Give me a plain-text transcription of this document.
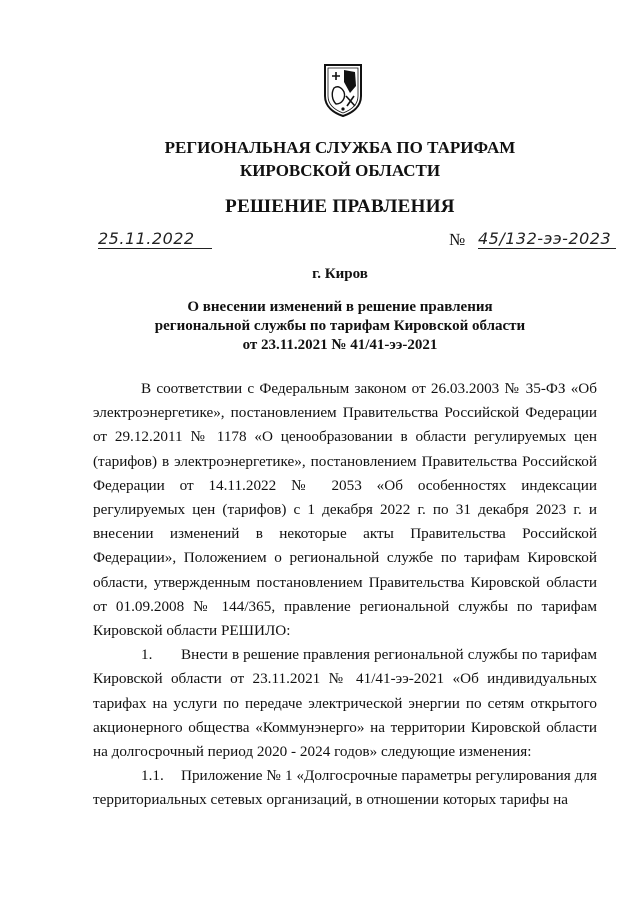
РЕГИОНАЛЬНАЯ СЛУЖБА ПО ТАРИФАМ
КИРОВСКОЙ ОБЛАСТИ
РЕШЕНИЕ ПРАВЛЕНИЯ
25.11.2022	№ 45/132-ээ-2023
г. Киров
О внесении изменений в решение правления
региональной службы по тарифам Кировской области
от 23.11.2021 № 41/41-ээ-2021

В соответствии с Федеральным законом от 26.03.2003 № 35-ФЗ «Об электроэнергетике», постановлением Правительства Российской Федерации от 29.12.2011 № 1178 «О ценообразовании в области регулируемых цен (тарифов) в электроэнергетике», постановлением Правительства Российской Федерации от 14.11.2022 № 2053 «Об особенностях индексации регулируемых цен (тарифов) с 1 декабря 2022 г. по 31 декабря 2023 г. и внесении изменений в некоторые акты Правительства Российской Федерации», Положением о региональной службе по тарифам Кировской области, утвержденным постановлением Правительства Кировской области от 01.09.2008 № 144/365, правление региональной службы по тарифам Кировской области РЕШИЛО:

1. Внести в решение правления региональной службы по тарифам Кировской области от 23.11.2021 № 41/41-ээ-2021 «Об индивидуальных тарифах на услуги по передаче электрической энергии по сетям открытого акционерного общества «Коммунэнерго» на территории Кировской области на долгосрочный период 2020 - 2024 годов» следующие изменения:

1.1. Приложение № 1 «Долгосрочные параметры регулирования для территориальных сетевых организаций, в отношении которых тарифы на
